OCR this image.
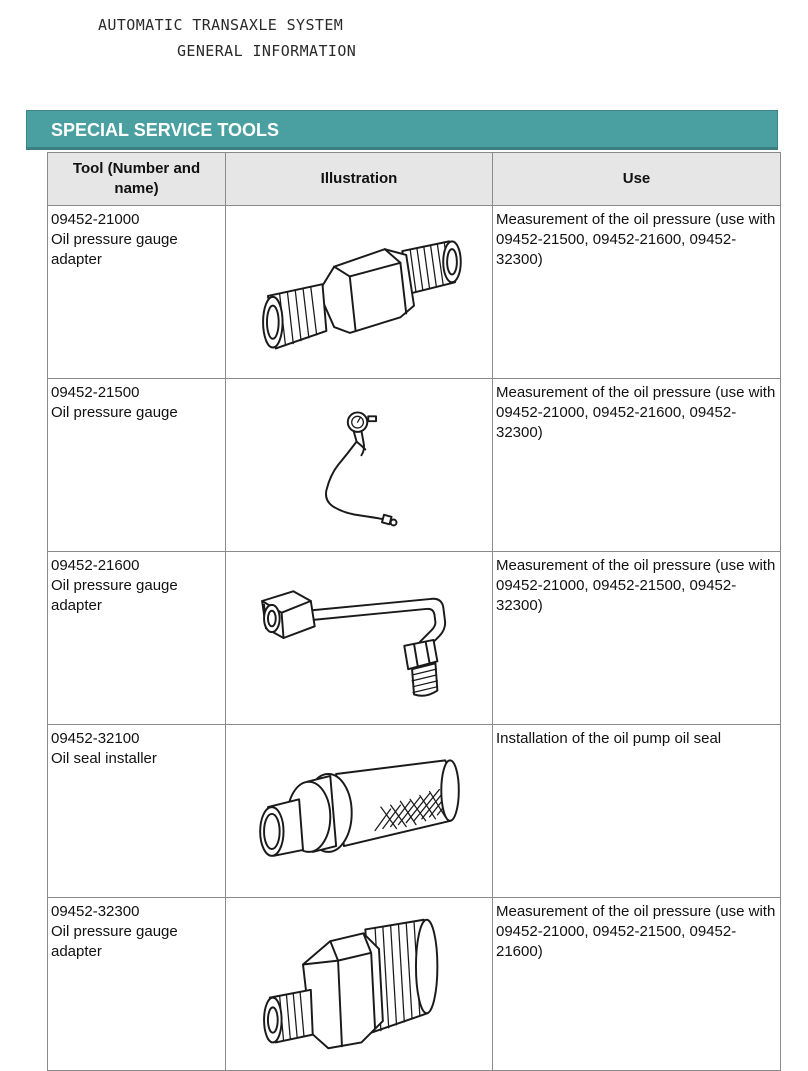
AUTOMATIC TRANSAXLE SYSTEM
GENERAL INFORMATION
SPECIAL SERVICE TOOLS
Tool (Number and name)	Illustration	Use

09452-21000
Oil pressure gauge adapter		Measurement of the oil pressure (use with 09452-21500, 09452-21600, 09452-32300)

09452-21500
Oil pressure gauge		Measurement of the oil pressure (use with 09452-21000, 09452-21600, 09452-32300)

09452-21600
Oil pressure gauge adapter		Measurement of the oil pressure (use with 09452-21000, 09452-21500, 09452-32300)

09452-32100
Oil seal installer		Installation of the oil pump oil seal

09452-32300
Oil pressure gauge adapter		Measurement of the oil pressure (use with 09452-21000, 09452-21500, 09452-21600)
